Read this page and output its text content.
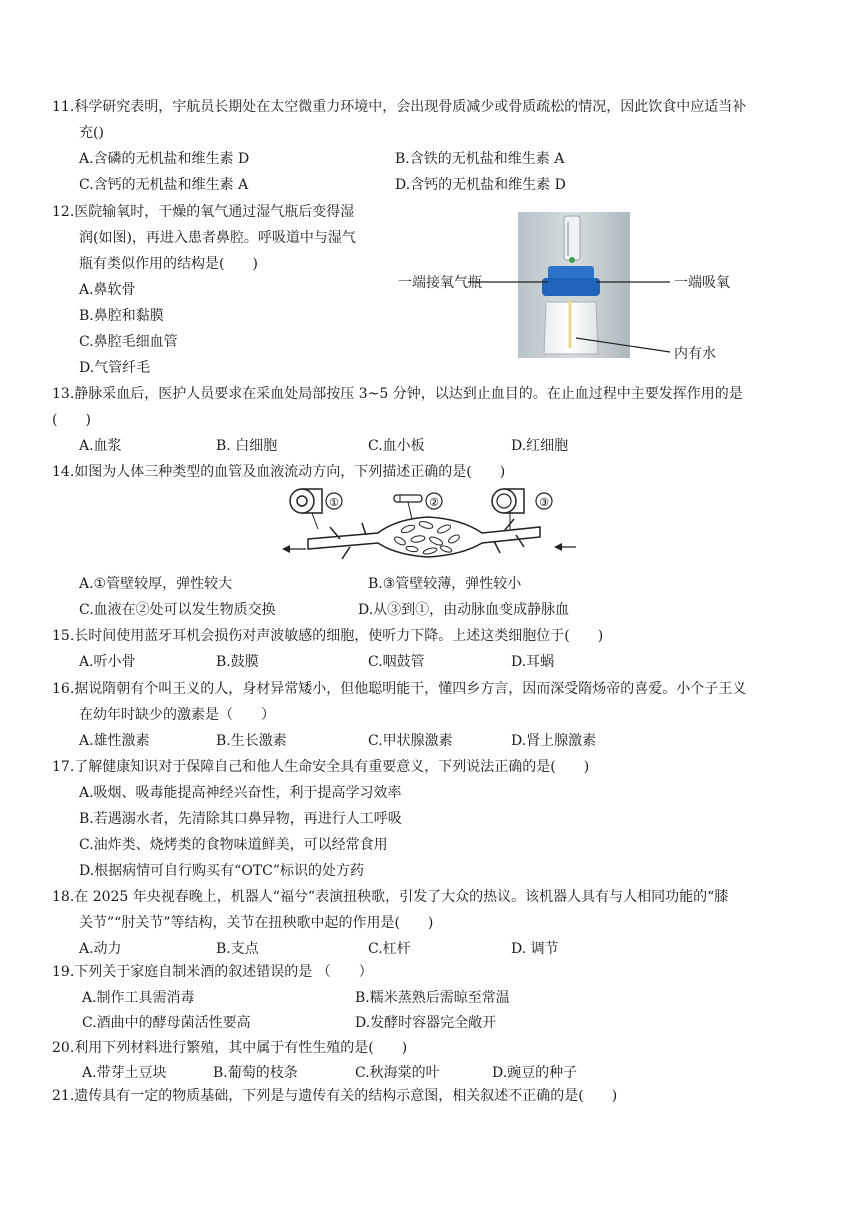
11.科学研究表明，宇航员长期处在太空微重力环境中，会出现骨质减少或骨质疏松的情况，因此饮食中应适当补
充()
A.含磷的无机盐和维生素 D	B.含铁的无机盐和维生素 A
C.含钙的无机盐和维生素 A	D.含钙的无机盐和维生素 D
12.医院输氧时，干燥的氧气通过湿气瓶后变得湿
润(如图)，再进入患者鼻腔。呼吸道中与湿气
瓶有类似作用的结构是(　　)
A.鼻软骨
B.鼻腔和黏膜
C.鼻腔毛细血管
D.气管纤毛
一端接氧气瓶	一端吸氧
内有水
13.静脉采血后，医护人员要求在采血处局部按压 3~5 分钟，以达到止血目的。在止血过程中主要发挥作用的是
(　　)
A.血浆	B. 白细胞	C.血小板	D.红细胞
14.如图为人体三种类型的血管及血液流动方向，下列描述正确的是(　　)
①	②	③
A.①管壁较厚，弹性较大	B.③管壁较薄，弹性较小
C.血液在②处可以发生物质交换	D.从③到①，由动脉血变成静脉血
15.长时间使用蓝牙耳机会损伤对声波敏感的细胞，使听力下降。上述这类细胞位于(　　)
A.听小骨	B.鼓膜	C.咽鼓管	D.耳蜗
16.据说隋朝有个叫王义的人，身材异常矮小，但他聪明能干，懂四乡方言，因而深受隋炀帝的喜爱。小个子王义
在幼年时缺少的激素是（　　）
A.雄性激素	B.生长激素	C.甲状腺激素	D.肾上腺激素
17.了解健康知识对于保障自己和他人生命安全具有重要意义，下列说法正确的是(　　)
A.吸烟、吸毒能提高神经兴奋性，利于提高学习效率
B.若遇溺水者，先清除其口鼻异物，再进行人工呼吸
C.油炸类、烧烤类的食物味道鲜美，可以经常食用
D.根据病情可自行购买有“OTC”标识的处方药
18.在 2025 年央视春晚上，机器人“福兮”表演扭秧歌，引发了大众的热议。该机器人具有与人相同功能的“膝
关节”“肘关节”等结构，关节在扭秧歌中起的作用是(　　)
A.动力	B.支点	C.杠杆	D. 调节
19.下列关于家庭自制米酒的叙述错误的是 （　　）
A.制作工具需消毒	B.糯米蒸熟后需晾至常温
C.酒曲中的酵母菌活性要高	D.发酵时容器完全敞开
20.利用下列材料进行繁殖，其中属于有性生殖的是(　　)
A.带芽土豆块	B.葡萄的枝条	C.秋海棠的叶	D.豌豆的种子
21.遗传具有一定的物质基础，下列是与遗传有关的结构示意图，相关叙述不正确的是(　　)
